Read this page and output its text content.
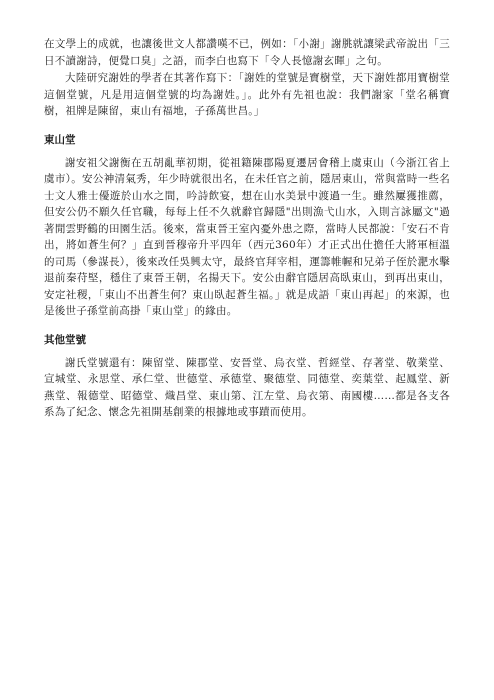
在文學上的成就，也讓後世文人都讚嘆不已，例如：「小謝」謝朓就讓梁武帝說出「三日不讀謝詩，便覺口臭」之語，而李白也寫下「令人長憶謝玄暉」之句。

大陸研究謝姓的學者在其著作寫下：「謝姓的堂號是寶樹堂，天下謝姓都用寶樹堂這個堂號，凡是用這個堂號的均為謝姓。」。此外有先祖也說：我們謝家「堂名稱寶樹，祖牌是陳留，東山有福地，子孫萬世昌。」

東山堂

謝安祖父謝衡在五胡亂華初期，從祖籍陳郡陽夏遷居會稽上虞東山（今浙江省上虞市）。安公神清氣秀，年少時就很出名，在未任官之前，隱居東山，常與當時一些名士文人雅士優遊於山水之間，吟詩飲宴，想在山水美景中渡過一生。雖然屢獲推薦，但安公仍不願久任官職，每每上任不久就辭官歸隱"出則漁弋山水，入則言詠屬文"過著閒雲野鶴的田園生活。後來，當東晉王室內憂外患之際，當時人民都說：「安石不肯出，將如蒼生何？」直到晉穆帝升平四年（西元360年）才正式出仕擔任大將軍桓溫的司馬（參謀長），後來改任吳興太守，最終官拜宰相，運籌帷幄和兄弟子侄於淝水擊退前秦苻堅，穩住了東晉王朝，名揚天下。安公由辭官隱居高臥東山，到再出東山，安定社稷，「東山不出蒼生何？東山臥起蒼生福。」就是成語「東山再起」的來源，也是後世子孫堂前高掛「東山堂」的緣由。

其他堂號

謝氏堂號還有：陳留堂、陳郡堂、安晉堂、烏衣堂、哲經堂、存著堂、敬業堂、宣城堂、永思堂、承仁堂、世德堂、承德堂、聚德堂、同德堂、奕葉堂、起鳳堂、新燕堂、報德堂、昭德堂、熾昌堂、東山第、江左堂、烏衣第、南國樓……都是各支各系為了紀念、懷念先祖開基創業的根據地或事蹟而使用。
